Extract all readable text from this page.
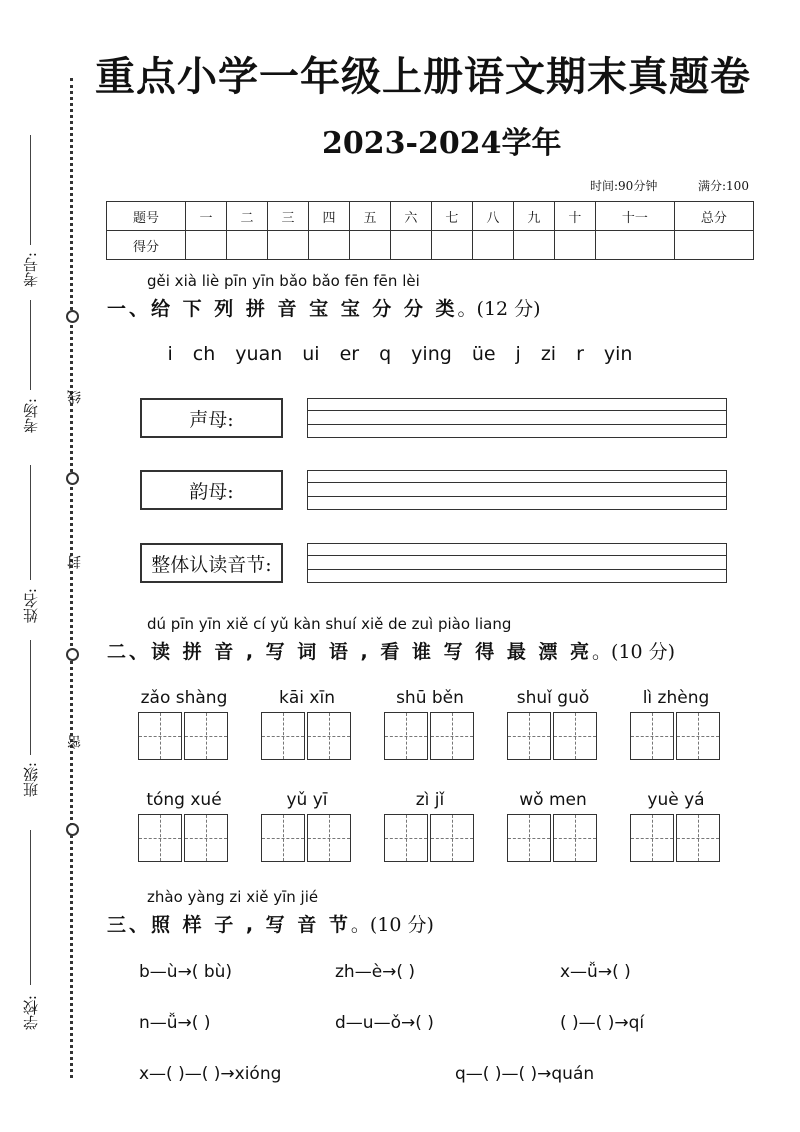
线
封
密
考号:
考场:
姓名:
班级:
学校:
重点小学一年级上册语文期末真题卷
2023-2024学年
时间:90分钟	满分:100
题号	一	二	三	四	五	六	七	八	九	十	十一	总分
得分												
gěi xià liè pīn yīn bǎo bǎo fēn fēn lèi
一、给 下 列 拼 音 宝 宝 分 分 类。(12 分)
i ch yuan ui er q ying üe j zi r yin
声母:
韵母:
整体认读音节:
dú pīn yīn xiě cí yǔ kàn shuí xiě de zuì piào liang
二、读 拼 音 , 写 词 语 , 看 谁 写 得 最 漂 亮。(10 分)
zǎo shàng	kāi xīn	shū běn	shuǐ guǒ	lì zhèng
tóng xué	yǔ yī	zì jǐ	wǒ men	yuè yá
zhào yàng zi xiě yīn jié
三、照 样 子 , 写 音 节。(10 分)
b—ù→( bù)	zh—è→( )	x—ǚ→( )
n—ǚ→( )	d—u—ǒ→( )	( )—( )→qí
x—( )—( )→xióng	q—( )—( )→quán
